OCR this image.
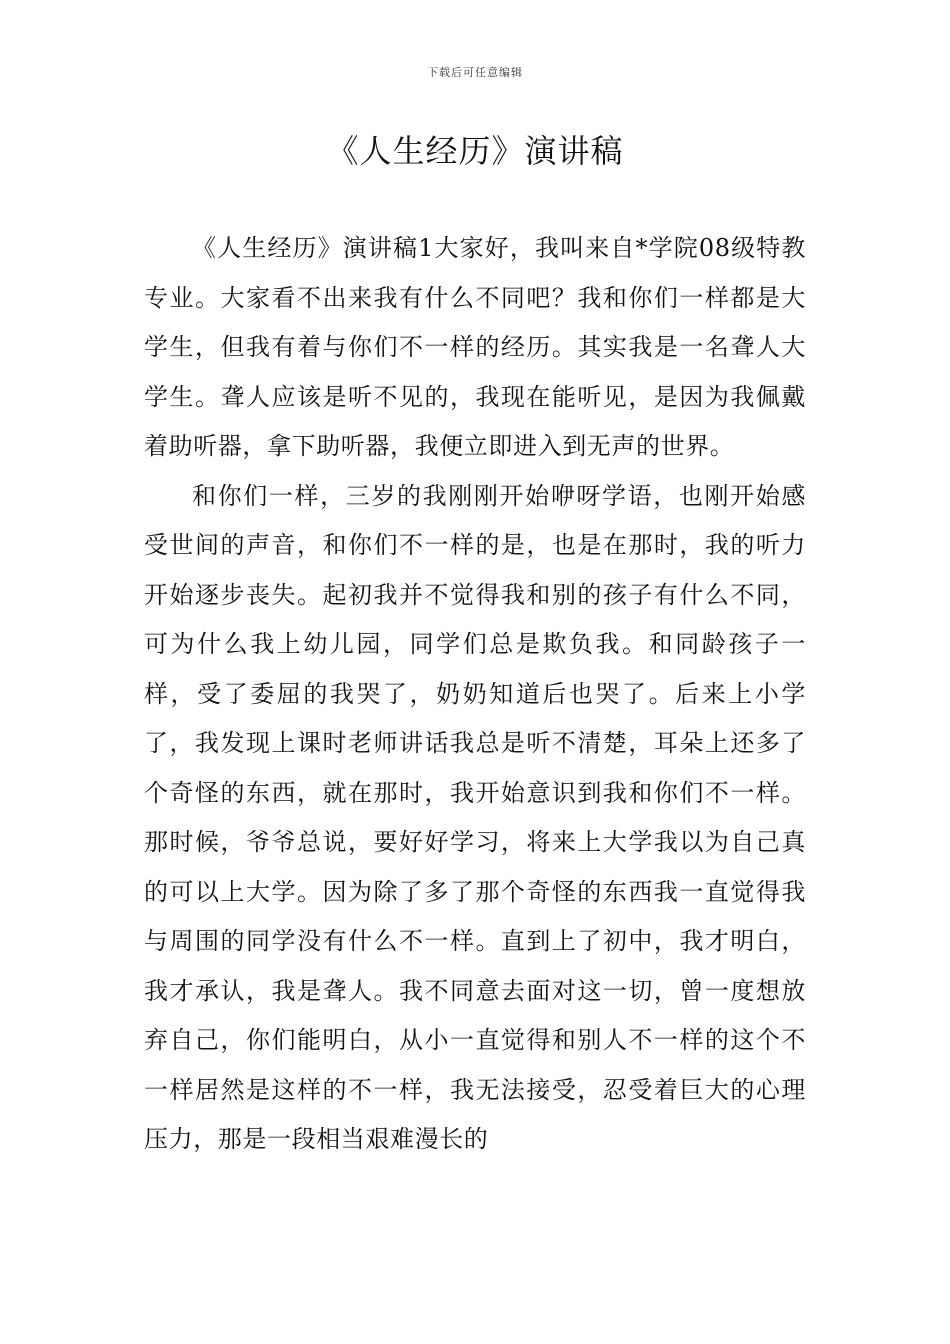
下载后可任意编辑
《人生经历》演讲稿

《人生经历》演讲稿1大家好，我叫来自*学院08级特教专业。大家看不出来我有什么不同吧？我和你们一样都是大学生，但我有着与你们不一样的经历。其实我是一名聋人大学生。聋人应该是听不见的，我现在能听见，是因为我佩戴着助听器，拿下助听器，我便立即进入到无声的世界。

和你们一样，三岁的我刚刚开始咿呀学语，也刚开始感受世间的声音，和你们不一样的是，也是在那时，我的听力开始逐步丧失。起初我并不觉得我和别的孩子有什么不同，可为什么我上幼儿园，同学们总是欺负我。和同龄孩子一样，受了委屈的我哭了，奶奶知道后也哭了。后来上小学了，我发现上课时老师讲话我总是听不清楚，耳朵上还多了个奇怪的东西，就在那时，我开始意识到我和你们不一样。那时候，爷爷总说，要好好学习，将来上大学我以为自己真的可以上大学。因为除了多了那个奇怪的东西我一直觉得我与周围的同学没有什么不一样。直到上了初中，我才明白，我才承认，我是聋人。我不同意去面对这一切，曾一度想放弃自己，你们能明白，从小一直觉得和别人不一样的这个不一样居然是这样的不一样，我无法接受，忍受着巨大的心理压力，那是一段相当艰难漫长的
